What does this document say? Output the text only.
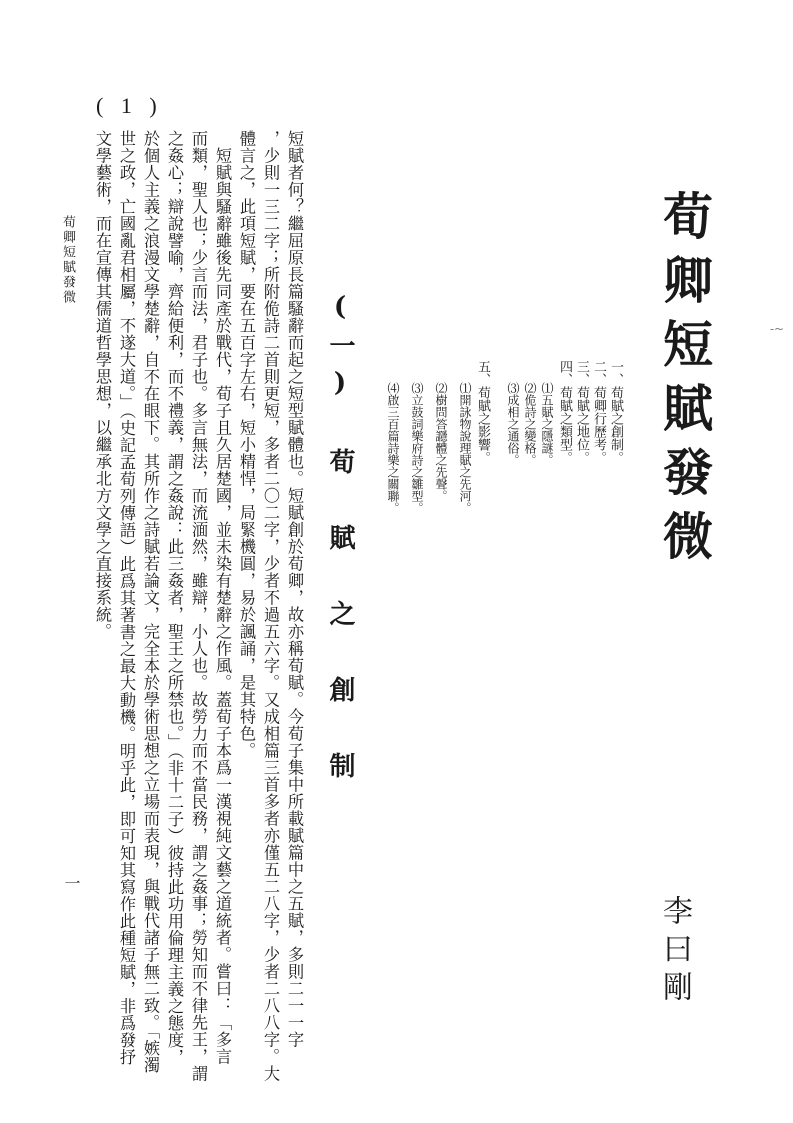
( 1 )
荀卿短賦發微
李曰剛
一、荀賦之創制。
二、荀卿行歷考。
三、荀賦之地位。
四、荀賦之類型。
⑴五賦之隱謎。
⑵佹詩之變格。
⑶成相之通俗。
五、荀賦之影響。
⑴開詠物說理賦之先河。
⑵樹問答讔體之先聲。
⑶立鼓詞樂府詩之雛型。
⑷啟三百篇詩樂之關聯。
(一) 荀 賦 之 創 制
短賦者何？繼屈原長篇騷辭而起之短型賦體也。短賦創於荀卿，故亦稱荀賦。今荀子集中所載賦篇中之五賦，多則二一一字
，少則一三二字；所附佹詩二首則更短，多者二〇二字，少者不過五六字。又成相篇三首多者亦僅五二八字，少者二八八字。大
體言之，此項短賦，要在五百字左右，短小精悍，局緊機圓，易於諷誦，是其特色。
短賦與騷辭雖後先同產於戰代，荀子且久居楚國，並未染有楚辭之作風。蓋荀子本爲一漢視純文藝之道統者。嘗曰：「多言
而類，聖人也；少言而法，君子也。多言無法，而流湎然，雖辯，小人也。故勞力而不當民務，謂之姦事；勞知而不律先王，謂
之姦心；辯說譬喻，齊給便利，而不禮義，謂之姦說：此三姦者，聖王之所禁也。」（非十二子）彼持此功用倫理主義之態度，
於個人主義之浪漫文學楚辭，自不在眼下。其所作之詩賦若論文，完全本於學術思想之立場而表現，與戰代諸子無二致。「嫉濁
世之政，亡國亂君相屬，不遂大道。」（史記孟荀列傳語）此爲其著書之最大動機。明乎此，即可知其寫作此種短賦，非爲發抒
文學藝術，而在宣傳其儒道哲學思想，以繼承北方文學之直接系統。
荀卿短賦發微
一
-~
